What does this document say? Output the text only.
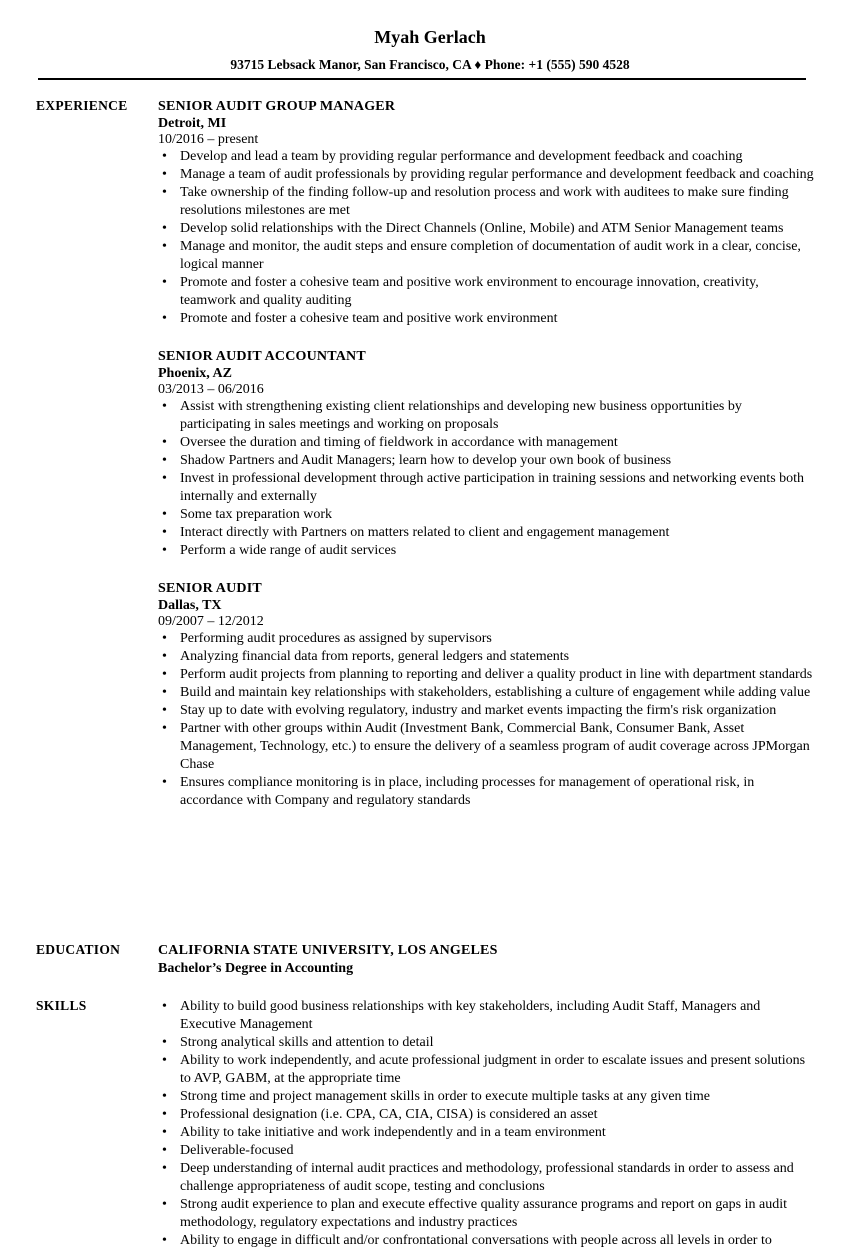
Myah Gerlach
93715 Lebsack Manor, San Francisco, CA ♦ Phone: +1 (555) 590 4528
EXPERIENCE	SENIOR AUDIT GROUP MANAGER
Detroit, MI
10/2016 – present
• Develop and lead a team by providing regular performance and development feedback and coaching
• Manage a team of audit professionals by providing regular performance and development feedback and coaching
• Take ownership of the finding follow-up and resolution process and work with auditees to make sure finding resolutions milestones are met
• Develop solid relationships with the Direct Channels (Online, Mobile) and ATM Senior Management teams
• Manage and monitor, the audit steps and ensure completion of documentation of audit work in a clear, concise, logical manner
• Promote and foster a cohesive team and positive work environment to encourage innovation, creativity, teamwork and quality auditing
• Promote and foster a cohesive team and positive work environment
SENIOR AUDIT ACCOUNTANT
Phoenix, AZ
03/2013 – 06/2016
• Assist with strengthening existing client relationships and developing new business opportunities by participating in sales meetings and working on proposals
• Oversee the duration and timing of fieldwork in accordance with management
• Shadow Partners and Audit Managers; learn how to develop your own book of business
• Invest in professional development through active participation in training sessions and networking events both internally and externally
• Some tax preparation work
• Interact directly with Partners on matters related to client and engagement management
• Perform a wide range of audit services
SENIOR AUDIT
Dallas, TX
09/2007 – 12/2012
• Performing audit procedures as assigned by supervisors
• Analyzing financial data from reports, general ledgers and statements
• Perform audit projects from planning to reporting and deliver a quality product in line with department standards
• Build and maintain key relationships with stakeholders, establishing a culture of engagement while adding value
• Stay up to date with evolving regulatory, industry and market events impacting the firm's risk organization
• Partner with other groups within Audit (Investment Bank, Commercial Bank, Consumer Bank, Asset Management, Technology, etc.) to ensure the delivery of a seamless program of audit coverage across JPMorgan Chase
• Ensures compliance monitoring is in place, including processes for management of operational risk, in accordance with Company and regulatory standards
EDUCATION	CALIFORNIA STATE UNIVERSITY, LOS ANGELES
Bachelor’s Degree in Accounting
SKILLS
•	Ability to build good business relationships with key stakeholders, including Audit Staff, Managers and Executive Management
• Strong analytical skills and attention to detail
• Ability to work independently, and acute professional judgment in order to escalate issues and present solutions to AVP, GABM, at the appropriate time
• Strong time and project management skills in order to execute multiple tasks at any given time
• Professional designation (i.e. CPA, CA, CIA, CISA) is considered an asset
• Ability to take initiative and work independently and in a team environment
• Deliverable-focused
• Deep understanding of internal audit practices and methodology, professional standards in order to assess and challenge appropriateness of audit scope, testing and conclusions
• Strong audit experience to plan and execute effective quality assurance programs and report on gaps in audit methodology, regulatory expectations and industry practices
• Ability to engage in difficult and/or confrontational conversations with people across all levels in order to
